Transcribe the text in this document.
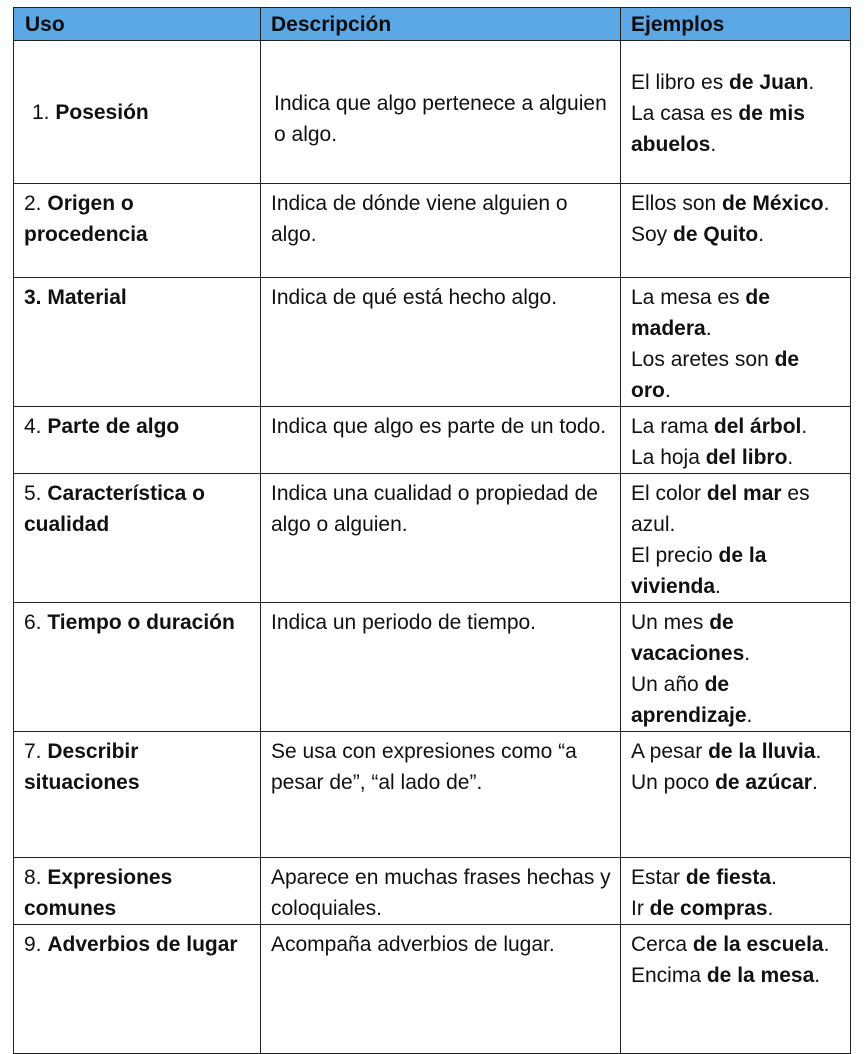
Uso	Descripción	Ejemplos
1. Posesión	Indica que algo pertenece a alguien o algo.	El libro es de Juan.
La casa es de mis abuelos.

2. Origen o procedencia	Indica de dónde viene alguien o algo.	Ellos son de México.
Soy de Quito.

3. Material	Indica de qué está hecho algo.	La mesa es de madera.
Los aretes son de oro.

4. Parte de algo	Indica que algo es parte de un todo.	La rama del árbol.
La hoja del libro.

5. Característica o cualidad	Indica una cualidad o propiedad de algo o alguien.	El color del mar es azul.
El precio de la vivienda.

6. Tiempo o duración	Indica un periodo de tiempo.	Un mes de vacaciones.
Un año de aprendizaje.

7. Describir situaciones	Se usa con expresiones como “a pesar de”, “al lado de”.	A pesar de la lluvia.
Un poco de azúcar.

8. Expresiones comunes	Aparece en muchas frases hechas y coloquiales.	Estar de fiesta.
Ir de compras.

9. Adverbios de lugar	Acompaña adverbios de lugar.	Cerca de la escuela.
Encima de la mesa.
